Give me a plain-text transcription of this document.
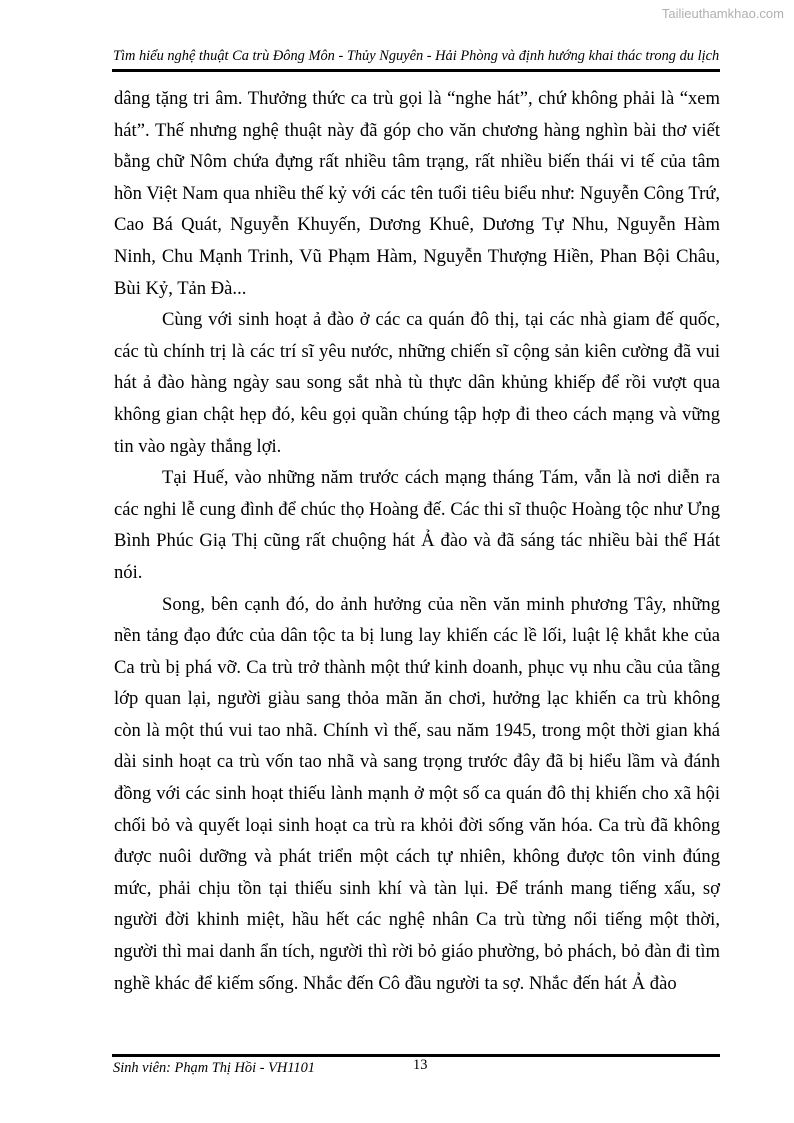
Tailieuthamkhao.com
Tìm hiểu nghệ thuật Ca trù Đông Môn - Thủy Nguyên - Hải Phòng và định hướng khai thác trong du lịch

dâng tặng tri âm. Thưởng thức ca trù gọi là “nghe hát”, chứ không phải là “xem hát”. Thế nhưng nghệ thuật này đã góp cho văn chương hàng nghìn bài thơ viết bằng chữ Nôm chứa đựng rất nhiều tâm trạng, rất nhiều biến thái vi tế của tâm hồn Việt Nam qua nhiều thế kỷ với các tên tuổi tiêu biểu như: Nguyễn Công Trứ, Cao Bá Quát, Nguyễn Khuyến, Dương Khuê, Dương Tự Nhu, Nguyễn Hàm Ninh, Chu Mạnh Trinh, Vũ Phạm Hàm, Nguyễn Thượng Hiền, Phan Bội Châu, Bùi Kỷ, Tản Đà...

Cùng với sinh hoạt ả đào ở các ca quán đô thị, tại các nhà giam đế quốc, các tù chính trị là các trí sĩ yêu nước, những chiến sĩ cộng sản kiên cường đã vui hát ả đào hàng ngày sau song sắt nhà tù thực dân khủng khiếp để rồi vượt qua không gian chật hẹp đó, kêu gọi quần chúng tập hợp đi theo cách mạng và vững tin vào ngày thắng lợi.

Tại Huế, vào những năm trước cách mạng tháng Tám, vẫn là nơi diễn ra các nghi lễ cung đình để chúc thọ Hoàng đế. Các thi sĩ thuộc Hoàng tộc như Ưng Bình Phúc Giạ Thị cũng rất chuộng hát Ả đào và đã sáng tác nhiều bài thể Hát nói.

Song, bên cạnh đó, do ảnh hưởng của nền văn minh phương Tây, những nền tảng đạo đức của dân tộc ta bị lung lay khiến các lề lối, luật lệ khắt khe của Ca trù bị phá vỡ. Ca trù trở thành một thứ kinh doanh, phục vụ nhu cầu của tầng lớp quan lại, người giàu sang thỏa mãn ăn chơi, hưởng lạc khiến ca trù không còn là một thú vui tao nhã. Chính vì thế, sau năm 1945, trong một thời gian khá dài sinh hoạt ca trù vốn tao nhã và sang trọng trước đây đã bị hiểu lầm và đánh đồng với các sinh hoạt thiếu lành mạnh ở một số ca quán đô thị khiến cho xã hội chối bỏ và quyết loại sinh hoạt ca trù ra khỏi đời sống văn hóa. Ca trù đã không được nuôi dưỡng và phát triển một cách tự nhiên, không được tôn vinh đúng mức, phải chịu tồn tại thiếu sinh khí và tàn lụi. Để tránh mang tiếng xấu, sợ người đời khinh miệt, hầu hết các nghệ nhân Ca trù từng nổi tiếng một thời, người thì mai danh ẩn tích, người thì rời bỏ giáo phường, bỏ phách, bỏ đàn đi tìm nghề khác để kiếm sống. Nhắc đến Cô đầu người ta sợ. Nhắc đến hát Ả đào

Sinh viên: Phạm Thị Hồi - VH1101	13
